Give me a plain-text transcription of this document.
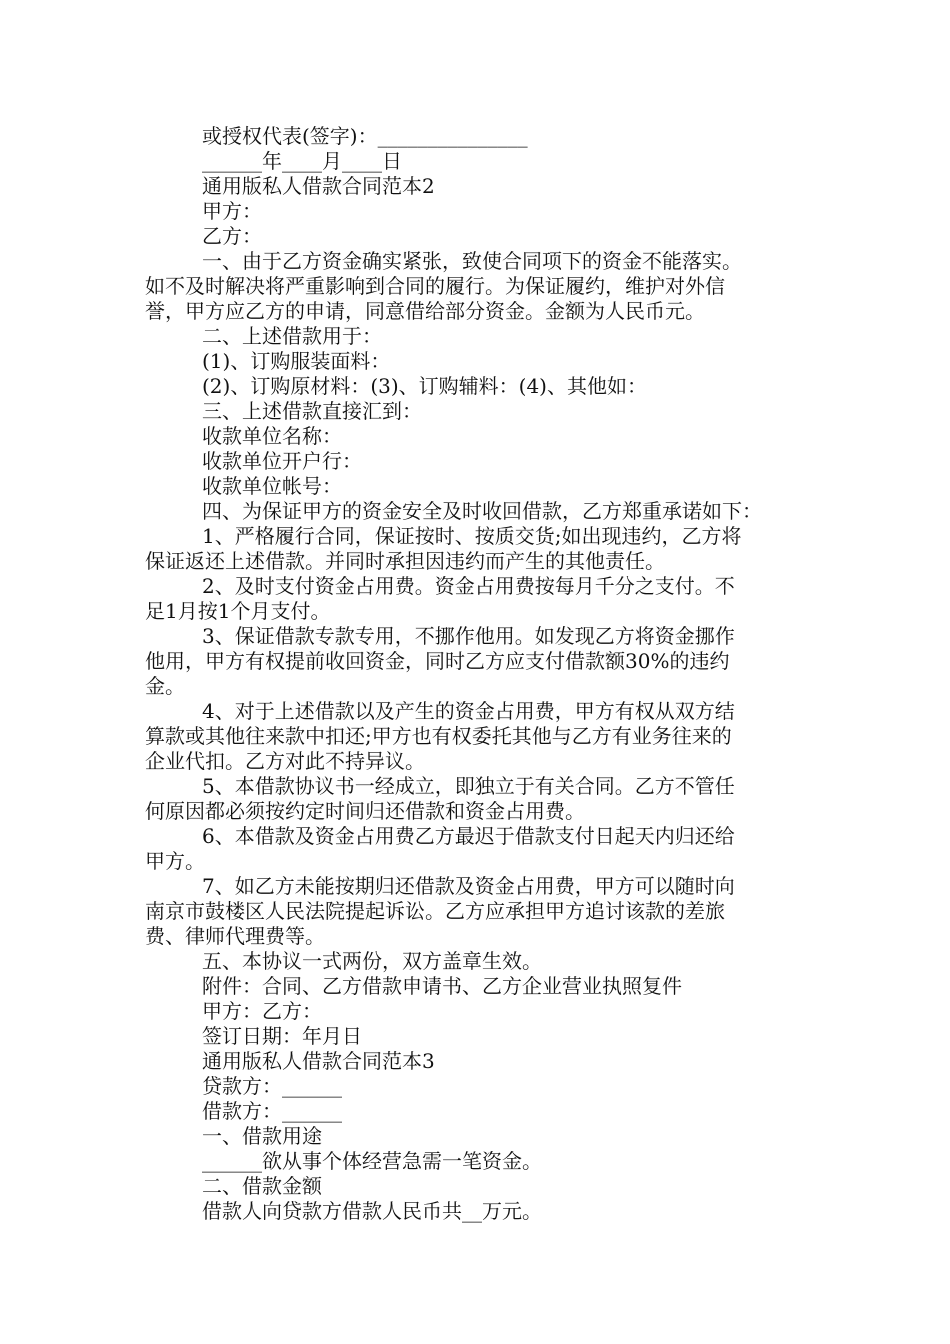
或授权代表(签字)：_______________
______年____月____日
通用版私人借款合同范本2
甲方：
乙方：
一、由于乙方资金确实紧张，致使合同项下的资金不能落实。
如不及时解决将严重影响到合同的履行。为保证履约，维护对外信
誉，甲方应乙方的申请，同意借给部分资金。金额为人民币元。
二、上述借款用于：
(1)、订购服装面料：
(2)、订购原材料：(3)、订购辅料：(4)、其他如：
三、上述借款直接汇到：
收款单位名称：
收款单位开户行：
收款单位帐号：
四、为保证甲方的资金安全及时收回借款，乙方郑重承诺如下：
1、严格履行合同，保证按时、按质交货;如出现违约，乙方将
保证返还上述借款。并同时承担因违约而产生的其他责任。
2、及时支付资金占用费。资金占用费按每月千分之支付。不
足1月按1个月支付。
3、保证借款专款专用，不挪作他用。如发现乙方将资金挪作
他用，甲方有权提前收回资金，同时乙方应支付借款额30%的违约
金。
4、对于上述借款以及产生的资金占用费，甲方有权从双方结
算款或其他往来款中扣还;甲方也有权委托其他与乙方有业务往来的
企业代扣。乙方对此不持异议。
5、本借款协议书一经成立，即独立于有关合同。乙方不管任
何原因都必须按约定时间归还借款和资金占用费。
6、本借款及资金占用费乙方最迟于借款支付日起天内归还给
甲方。
7、如乙方未能按期归还借款及资金占用费，甲方可以随时向
南京市鼓楼区人民法院提起诉讼。乙方应承担甲方追讨该款的差旅
费、律师代理费等。
五、本协议一式两份，双方盖章生效。
附件：合同、乙方借款申请书、乙方企业营业执照复件
甲方：乙方：
签订日期：年月日
通用版私人借款合同范本3
贷款方：______
借款方：______
一、借款用途
______欲从事个体经营急需一笔资金。
二、借款金额
借款人向贷款方借款人民币共__万元。
